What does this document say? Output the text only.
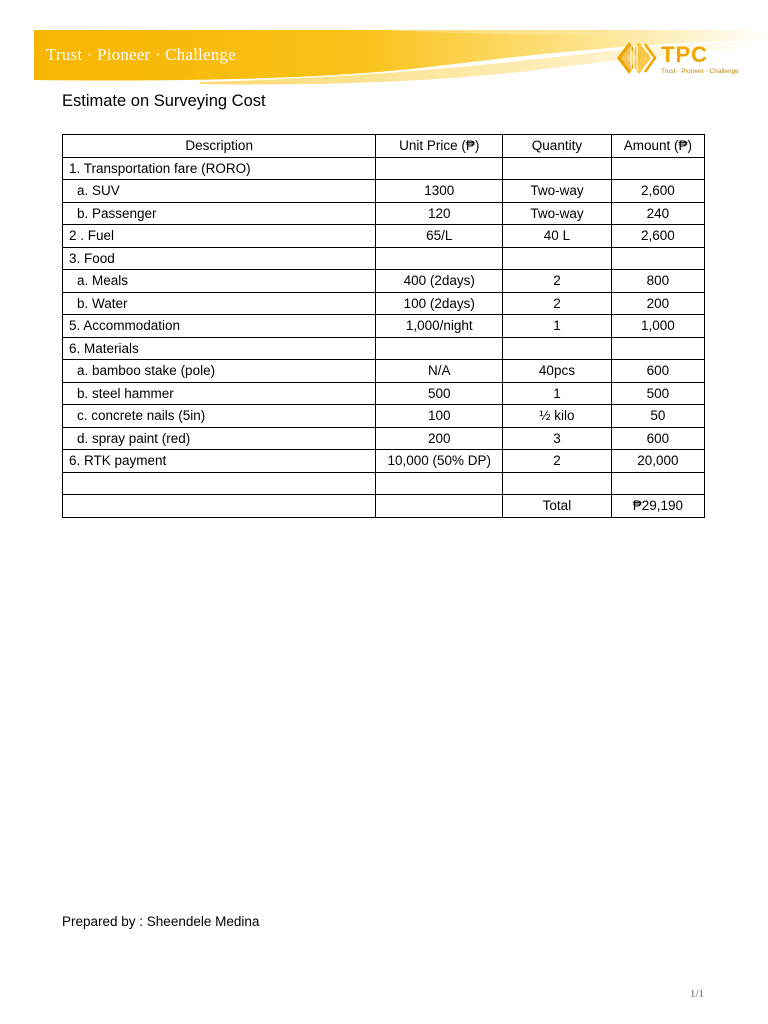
Trust · Pioneer · Challenge	TPC
Trust · Pioneer · Challenge
Estimate on Surveying Cost
Description	Unit Price (₱)	Quantity	Amount (₱)
1. Transportation fare (RORO)			
a. SUV	1300	Two-way	2,600
b. Passenger	120	Two-way	240
2 . Fuel	65/L	40 L	2,600
3. Food			
a. Meals	400 (2days)	2	800
b. Water	100 (2days)	2	200
5. Accommodation	1,000/night	1	1,000
6. Materials			
a. bamboo stake (pole)	N/A	40pcs	600
b. steel hammer	500	1	500
c. concrete nails (5in)	100	½ kilo	50
d. spray paint (red)	200	3	600
6. RTK payment	10,000 (50% DP)	2	20,000

		Total	₱29,190
Prepared by : Sheendele Medina
1/1
